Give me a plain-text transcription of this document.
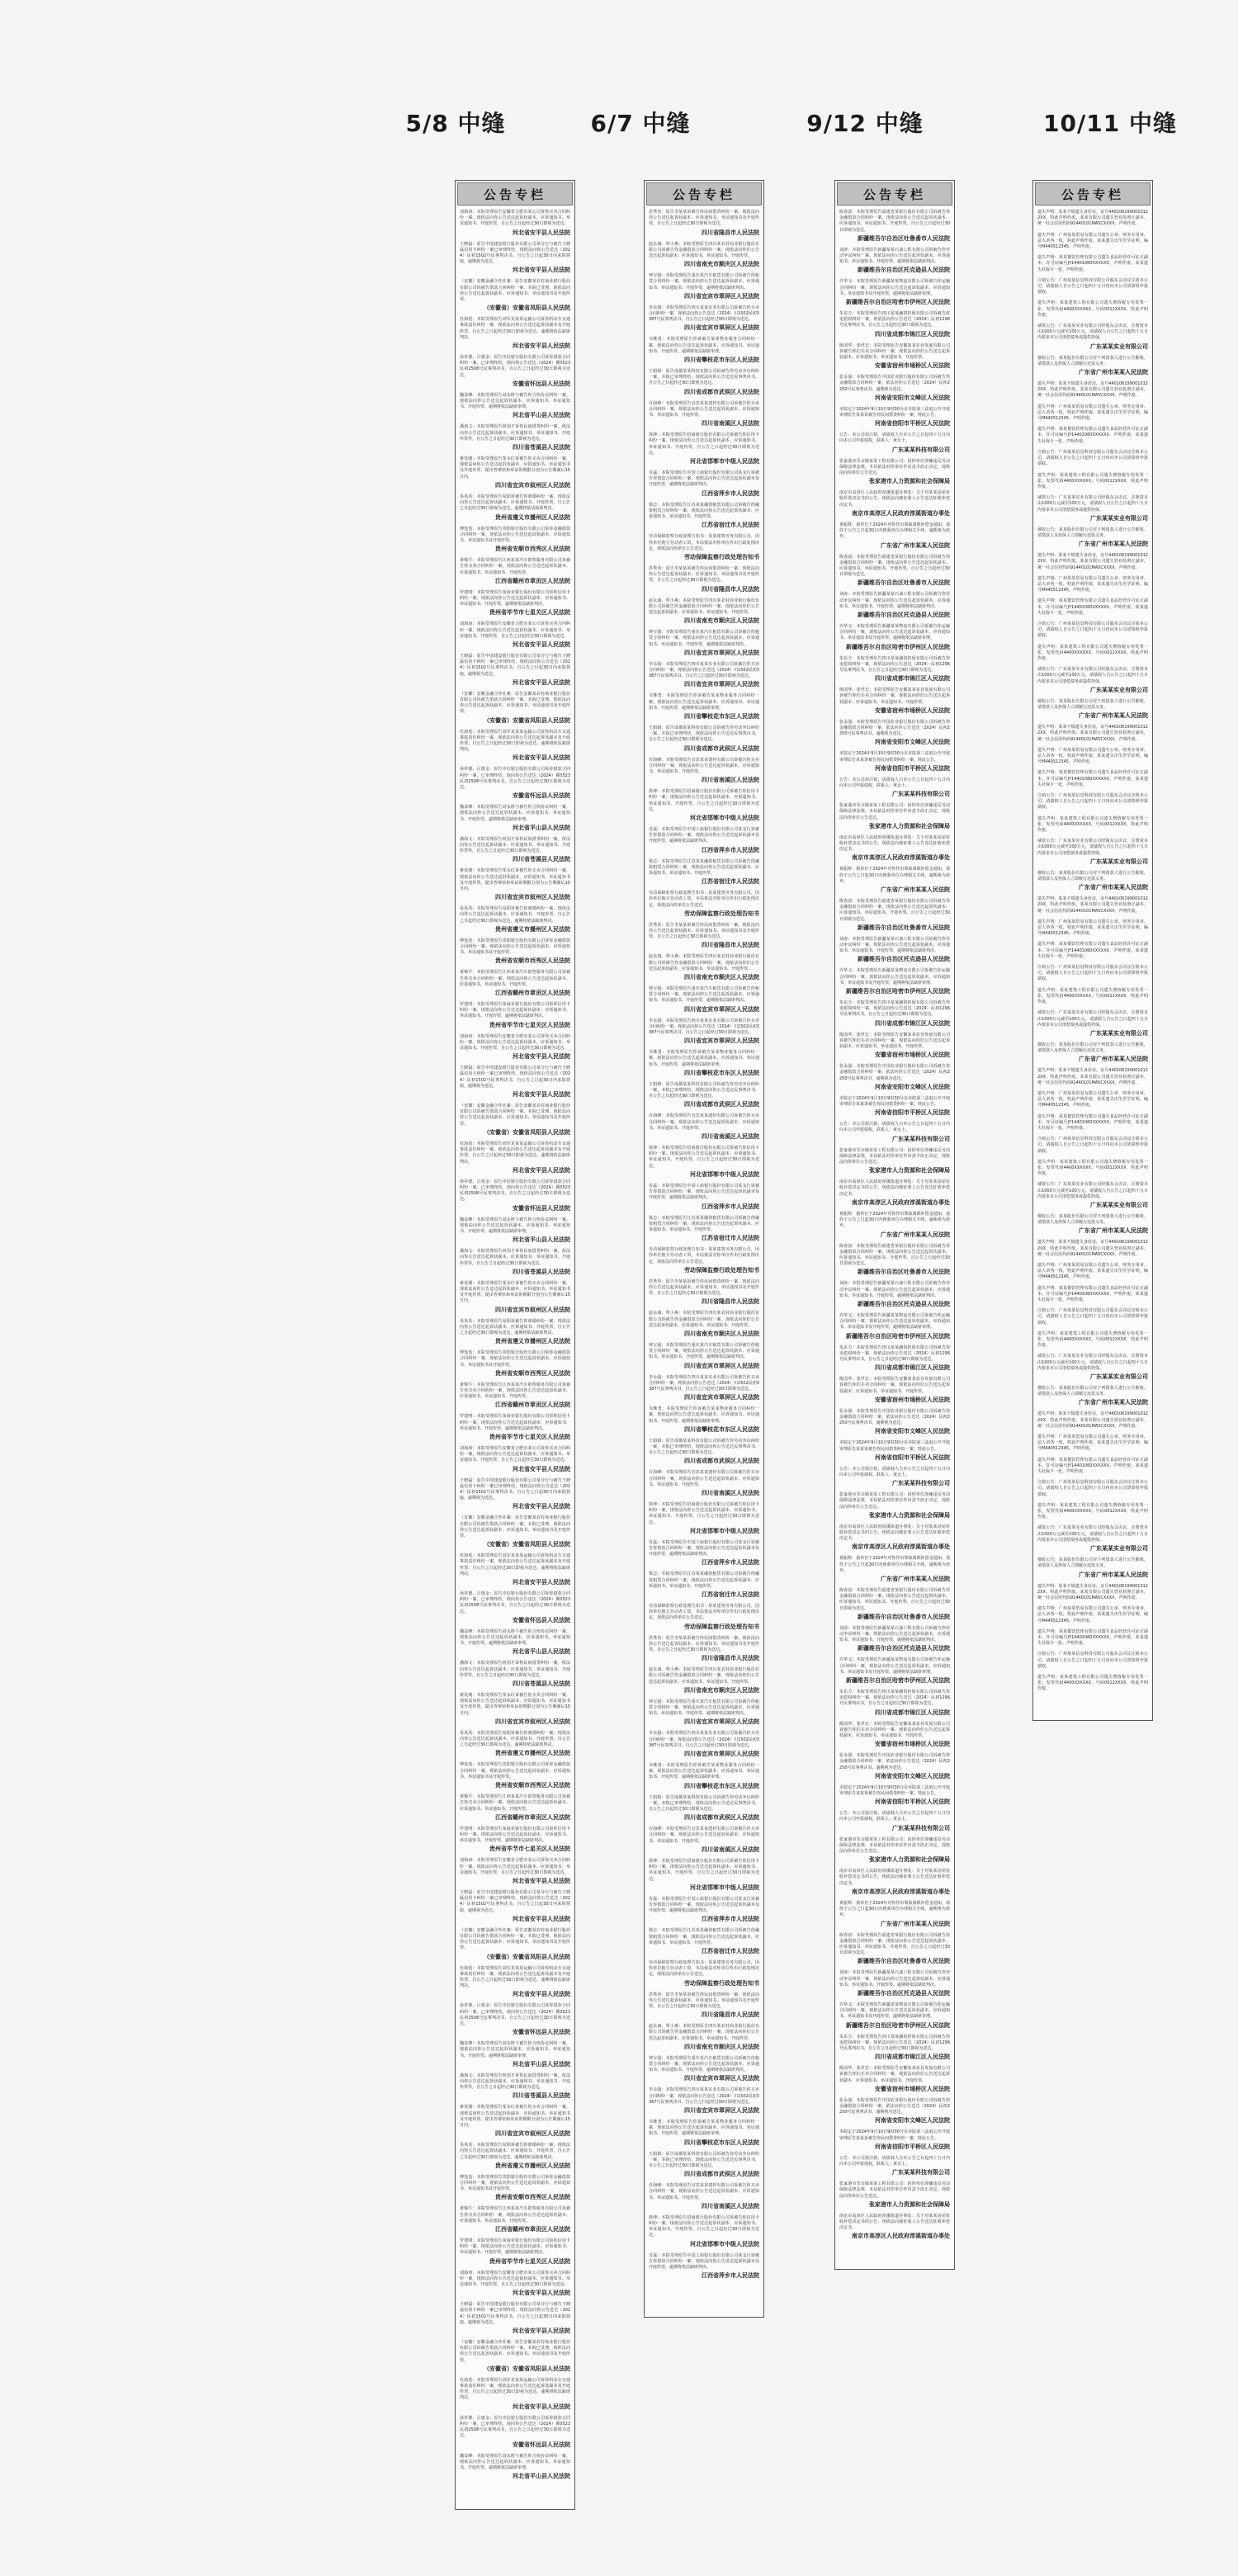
5/8 中缝	6/7 中缝	9/12 中缝	10/11 中缝
公告专栏
刘海涛：本院受理原告安徽省合肥市某公司诉你买卖合同纠纷一案，现依法向你公告送达起诉状副本、应诉通知书、举证通知书、开庭传票。自公告之日起经过30日即视为送达。
河北省安平县人民法院
王晓磊：原告中国建设银行股份有限公司某分行与被告王晓磊信用卡纠纷一案已审理终结，现依法向你公告送达（2024）民初1502号民事判决书。自公告之日起30日内来院领取，逾期视为送达。
河北省安平县人民法院
（安徽）安徽金融合作社案：原告安徽某农村商业银行股份有限公司诉被告借款合同纠纷一案，本院已受理。现依法向你公告送达起诉状副本、应诉通知书、举证通知书及开庭传票。
（安徽省）安徽省凤阳县人民法院
杜海莲：本院受理原告刘军龙某某运输公司诉你机动车交通事故责任纠纷一案，现依法向你公告送达起诉状副本及开庭传票，自公告之日起经过30日即视为送达，逾期将依法缺席判决。
河北省安平县人民法院
孙祥德、吕惠金：原告中信银行股份有限公司诉你借款合同纠纷一案，已审理终结，现向你公告送达（2024）冀0523民初2508号民事判决书，自公告之日起经过30日即视为送达。
安徽省怀远县人民法院
魏益峰：本院受理原告刘永胜与被告你合伙协议纠纷一案，现依法向你公告送达起诉状副本、应诉通知书、举证通知书、开庭传票。逾期将依法缺席审理。
河北省平山县人民法院
潘海文：本院受理原告何国才诉你民间借贷纠纷一案，依法向你公告送达起诉状副本、应诉通知书、举证通知书、开庭传票等，自公告之日起经过30日即视为送达。
四川省苍溪县人民法院
蒋发刚：本院受理原告邹永红诉被告你买卖合同纠纷一案，现依法向你公告送达起诉状副本、应诉通知书、举证通知书及开庭传票。提出答辩状和举证的期限分别为公告期满后15日内。
四川省宜宾市叙州区人民法院
易凤英：本院受理原告易阳诉被告你离婚纠纷一案，现依法向你公告送达起诉状副本、应诉通知书、开庭传票，自公告之日起经过30日即视为送达，逾期将依法缺席判决。
贵州省遵义市播州区人民法院
傅莲莲：本院受理原告贵阳银行股份有限公司诉你金融借款合同纠纷一案，现依法向你公告送达起诉状副本、应诉通知书、举证通知书及开庭传票。
贵州省安顺市西秀区人民法院
黄锦平：本院受理原告江西某某汽车销售服务有限公司诉被告你买卖合同纠纷一案，现依法向你公告送达起诉状副本、应诉通知书、举证通知书、开庭传票。
江西省赣州市章贡区人民法院
罗建明：本院受理原告某商业银行股份有限公司诉你信用卡纠纷一案，现依法向你公告送达起诉状副本、应诉通知书、举证通知书、开庭传票，逾期将依法缺席判决。
贵州省毕节市七星关区人民法院
刘海涛：本院受理原告安徽省合肥市某公司诉你买卖合同纠纷一案，现依法向你公告送达起诉状副本、应诉通知书、举证通知书、开庭传票。自公告之日起经过30日即视为送达。
河北省安平县人民法院
王晓磊：原告中国建设银行股份有限公司某分行与被告王晓磊信用卡纠纷一案已审理终结，现依法向你公告送达（2024）民初1502号民事判决书。自公告之日起30日内来院领取，逾期视为送达。
河北省安平县人民法院
（安徽）安徽金融合作社案：原告安徽某农村商业银行股份有限公司诉被告借款合同纠纷一案，本院已受理。现依法向你公告送达起诉状副本、应诉通知书、举证通知书及开庭传票。
（安徽省）安徽省凤阳县人民法院
杜海莲：本院受理原告刘军龙某某运输公司诉你机动车交通事故责任纠纷一案，现依法向你公告送达起诉状副本及开庭传票，自公告之日起经过30日即视为送达，逾期将依法缺席判决。
河北省安平县人民法院
孙祥德、吕惠金：原告中信银行股份有限公司诉你借款合同纠纷一案，已审理终结，现向你公告送达（2024）冀0523民初2508号民事判决书，自公告之日起经过30日即视为送达。
安徽省怀远县人民法院
魏益峰：本院受理原告刘永胜与被告你合伙协议纠纷一案，现依法向你公告送达起诉状副本、应诉通知书、举证通知书、开庭传票。逾期将依法缺席审理。
河北省平山县人民法院
潘海文：本院受理原告何国才诉你民间借贷纠纷一案，依法向你公告送达起诉状副本、应诉通知书、举证通知书、开庭传票等，自公告之日起经过30日即视为送达。
四川省苍溪县人民法院
蒋发刚：本院受理原告邹永红诉被告你买卖合同纠纷一案，现依法向你公告送达起诉状副本、应诉通知书、举证通知书及开庭传票。提出答辩状和举证的期限分别为公告期满后15日内。
四川省宜宾市叙州区人民法院
易凤英：本院受理原告易阳诉被告你离婚纠纷一案，现依法向你公告送达起诉状副本、应诉通知书、开庭传票，自公告之日起经过30日即视为送达，逾期将依法缺席判决。
贵州省遵义市播州区人民法院
傅莲莲：本院受理原告贵阳银行股份有限公司诉你金融借款合同纠纷一案，现依法向你公告送达起诉状副本、应诉通知书、举证通知书及开庭传票。
贵州省安顺市西秀区人民法院
黄锦平：本院受理原告江西某某汽车销售服务有限公司诉被告你买卖合同纠纷一案，现依法向你公告送达起诉状副本、应诉通知书、举证通知书、开庭传票。
江西省赣州市章贡区人民法院
罗建明：本院受理原告某商业银行股份有限公司诉你信用卡纠纷一案，现依法向你公告送达起诉状副本、应诉通知书、举证通知书、开庭传票，逾期将依法缺席判决。
贵州省毕节市七星关区人民法院
刘海涛：本院受理原告安徽省合肥市某公司诉你买卖合同纠纷一案，现依法向你公告送达起诉状副本、应诉通知书、举证通知书、开庭传票。自公告之日起经过30日即视为送达。
河北省安平县人民法院
王晓磊：原告中国建设银行股份有限公司某分行与被告王晓磊信用卡纠纷一案已审理终结，现依法向你公告送达（2024）民初1502号民事判决书。自公告之日起30日内来院领取，逾期视为送达。
河北省安平县人民法院
（安徽）安徽金融合作社案：原告安徽某农村商业银行股份有限公司诉被告借款合同纠纷一案，本院已受理。现依法向你公告送达起诉状副本、应诉通知书、举证通知书及开庭传票。
（安徽省）安徽省凤阳县人民法院
杜海莲：本院受理原告刘军龙某某运输公司诉你机动车交通事故责任纠纷一案，现依法向你公告送达起诉状副本及开庭传票，自公告之日起经过30日即视为送达，逾期将依法缺席判决。
河北省安平县人民法院
孙祥德、吕惠金：原告中信银行股份有限公司诉你借款合同纠纷一案，已审理终结，现向你公告送达（2024）冀0523民初2508号民事判决书，自公告之日起经过30日即视为送达。
安徽省怀远县人民法院
魏益峰：本院受理原告刘永胜与被告你合伙协议纠纷一案，现依法向你公告送达起诉状副本、应诉通知书、举证通知书、开庭传票。逾期将依法缺席审理。
河北省平山县人民法院
潘海文：本院受理原告何国才诉你民间借贷纠纷一案，依法向你公告送达起诉状副本、应诉通知书、举证通知书、开庭传票等，自公告之日起经过30日即视为送达。
四川省苍溪县人民法院
蒋发刚：本院受理原告邹永红诉被告你买卖合同纠纷一案，现依法向你公告送达起诉状副本、应诉通知书、举证通知书及开庭传票。提出答辩状和举证的期限分别为公告期满后15日内。
四川省宜宾市叙州区人民法院
易凤英：本院受理原告易阳诉被告你离婚纠纷一案，现依法向你公告送达起诉状副本、应诉通知书、开庭传票，自公告之日起经过30日即视为送达，逾期将依法缺席判决。
贵州省遵义市播州区人民法院
傅莲莲：本院受理原告贵阳银行股份有限公司诉你金融借款合同纠纷一案，现依法向你公告送达起诉状副本、应诉通知书、举证通知书及开庭传票。
贵州省安顺市西秀区人民法院
黄锦平：本院受理原告江西某某汽车销售服务有限公司诉被告你买卖合同纠纷一案，现依法向你公告送达起诉状副本、应诉通知书、举证通知书、开庭传票。
江西省赣州市章贡区人民法院
罗建明：本院受理原告某商业银行股份有限公司诉你信用卡纠纷一案，现依法向你公告送达起诉状副本、应诉通知书、举证通知书、开庭传票，逾期将依法缺席判决。
贵州省毕节市七星关区人民法院
刘海涛：本院受理原告安徽省合肥市某公司诉你买卖合同纠纷一案，现依法向你公告送达起诉状副本、应诉通知书、举证通知书、开庭传票。自公告之日起经过30日即视为送达。
河北省安平县人民法院
王晓磊：原告中国建设银行股份有限公司某分行与被告王晓磊信用卡纠纷一案已审理终结，现依法向你公告送达（2024）民初1502号民事判决书。自公告之日起30日内来院领取，逾期视为送达。
河北省安平县人民法院
（安徽）安徽金融合作社案：原告安徽某农村商业银行股份有限公司诉被告借款合同纠纷一案，本院已受理。现依法向你公告送达起诉状副本、应诉通知书、举证通知书及开庭传票。
（安徽省）安徽省凤阳县人民法院
杜海莲：本院受理原告刘军龙某某运输公司诉你机动车交通事故责任纠纷一案，现依法向你公告送达起诉状副本及开庭传票，自公告之日起经过30日即视为送达，逾期将依法缺席判决。
河北省安平县人民法院
孙祥德、吕惠金：原告中信银行股份有限公司诉你借款合同纠纷一案，已审理终结，现向你公告送达（2024）冀0523民初2508号民事判决书，自公告之日起经过30日即视为送达。
安徽省怀远县人民法院
魏益峰：本院受理原告刘永胜与被告你合伙协议纠纷一案，现依法向你公告送达起诉状副本、应诉通知书、举证通知书、开庭传票。逾期将依法缺席审理。
河北省平山县人民法院
潘海文：本院受理原告何国才诉你民间借贷纠纷一案，依法向你公告送达起诉状副本、应诉通知书、举证通知书、开庭传票等，自公告之日起经过30日即视为送达。
四川省苍溪县人民法院
蒋发刚：本院受理原告邹永红诉被告你买卖合同纠纷一案，现依法向你公告送达起诉状副本、应诉通知书、举证通知书及开庭传票。提出答辩状和举证的期限分别为公告期满后15日内。
四川省宜宾市叙州区人民法院
易凤英：本院受理原告易阳诉被告你离婚纠纷一案，现依法向你公告送达起诉状副本、应诉通知书、开庭传票，自公告之日起经过30日即视为送达，逾期将依法缺席判决。
贵州省遵义市播州区人民法院
傅莲莲：本院受理原告贵阳银行股份有限公司诉你金融借款合同纠纷一案，现依法向你公告送达起诉状副本、应诉通知书、举证通知书及开庭传票。
贵州省安顺市西秀区人民法院
黄锦平：本院受理原告江西某某汽车销售服务有限公司诉被告你买卖合同纠纷一案，现依法向你公告送达起诉状副本、应诉通知书、举证通知书、开庭传票。
江西省赣州市章贡区人民法院
罗建明：本院受理原告某商业银行股份有限公司诉你信用卡纠纷一案，现依法向你公告送达起诉状副本、应诉通知书、举证通知书、开庭传票，逾期将依法缺席判决。
贵州省毕节市七星关区人民法院
刘海涛：本院受理原告安徽省合肥市某公司诉你买卖合同纠纷一案，现依法向你公告送达起诉状副本、应诉通知书、举证通知书、开庭传票。自公告之日起经过30日即视为送达。
河北省安平县人民法院
王晓磊：原告中国建设银行股份有限公司某分行与被告王晓磊信用卡纠纷一案已审理终结，现依法向你公告送达（2024）民初1502号民事判决书。自公告之日起30日内来院领取，逾期视为送达。
河北省安平县人民法院
（安徽）安徽金融合作社案：原告安徽某农村商业银行股份有限公司诉被告借款合同纠纷一案，本院已受理。现依法向你公告送达起诉状副本、应诉通知书、举证通知书及开庭传票。
（安徽省）安徽省凤阳县人民法院
杜海莲：本院受理原告刘军龙某某运输公司诉你机动车交通事故责任纠纷一案，现依法向你公告送达起诉状副本及开庭传票，自公告之日起经过30日即视为送达，逾期将依法缺席判决。
河北省安平县人民法院
孙祥德、吕惠金：原告中信银行股份有限公司诉你借款合同纠纷一案，已审理终结，现向你公告送达（2024）冀0523民初2508号民事判决书，自公告之日起经过30日即视为送达。
安徽省怀远县人民法院
魏益峰：本院受理原告刘永胜与被告你合伙协议纠纷一案，现依法向你公告送达起诉状副本、应诉通知书、举证通知书、开庭传票。逾期将依法缺席审理。
河北省平山县人民法院
潘海文：本院受理原告何国才诉你民间借贷纠纷一案，依法向你公告送达起诉状副本、应诉通知书、举证通知书、开庭传票等，自公告之日起经过30日即视为送达。
四川省苍溪县人民法院
蒋发刚：本院受理原告邹永红诉被告你买卖合同纠纷一案，现依法向你公告送达起诉状副本、应诉通知书、举证通知书及开庭传票。提出答辩状和举证的期限分别为公告期满后15日内。
四川省宜宾市叙州区人民法院
易凤英：本院受理原告易阳诉被告你离婚纠纷一案，现依法向你公告送达起诉状副本、应诉通知书、开庭传票，自公告之日起经过30日即视为送达，逾期将依法缺席判决。
贵州省遵义市播州区人民法院
傅莲莲：本院受理原告贵阳银行股份有限公司诉你金融借款合同纠纷一案，现依法向你公告送达起诉状副本、应诉通知书、举证通知书及开庭传票。
贵州省安顺市西秀区人民法院
黄锦平：本院受理原告江西某某汽车销售服务有限公司诉被告你买卖合同纠纷一案，现依法向你公告送达起诉状副本、应诉通知书、举证通知书、开庭传票。
江西省赣州市章贡区人民法院
罗建明：本院受理原告某商业银行股份有限公司诉你信用卡纠纷一案，现依法向你公告送达起诉状副本、应诉通知书、举证通知书、开庭传票，逾期将依法缺席判决。
贵州省毕节市七星关区人民法院
刘海涛：本院受理原告安徽省合肥市某公司诉你买卖合同纠纷一案，现依法向你公告送达起诉状副本、应诉通知书、举证通知书、开庭传票。自公告之日起经过30日即视为送达。
河北省安平县人民法院
王晓磊：原告中国建设银行股份有限公司某分行与被告王晓磊信用卡纠纷一案已审理终结，现依法向你公告送达（2024）民初1502号民事判决书。自公告之日起30日内来院领取，逾期视为送达。
河北省安平县人民法院
（安徽）安徽金融合作社案：原告安徽某农村商业银行股份有限公司诉被告借款合同纠纷一案，本院已受理。现依法向你公告送达起诉状副本、应诉通知书、举证通知书及开庭传票。
（安徽省）安徽省凤阳县人民法院
杜海莲：本院受理原告刘军龙某某运输公司诉你机动车交通事故责任纠纷一案，现依法向你公告送达起诉状副本及开庭传票，自公告之日起经过30日即视为送达，逾期将依法缺席判决。
河北省安平县人民法院
孙祥德、吕惠金：原告中信银行股份有限公司诉你借款合同纠纷一案，已审理终结，现向你公告送达（2024）冀0523民初2508号民事判决书，自公告之日起经过30日即视为送达。
安徽省怀远县人民法院
魏益峰：本院受理原告刘永胜与被告你合伙协议纠纷一案，现依法向你公告送达起诉状副本、应诉通知书、举证通知书、开庭传票。逾期将依法缺席审理。
河北省平山县人民法院
公告专栏
洪秀英：原告李某某诉被告你民间借贷纠纷一案，现依法向你公告送达起诉状副本、应诉通知书、举证通知书及开庭传票。自公告之日起经过30日即视为送达。
四川省隆昌市人民法院
赵永康、覃小燕：本院受理原告四川某农村商业银行股份有限公司诉被告你金融借款合同纠纷一案，现依法向你们公告送达起诉状副本、应诉通知书、举证通知书、开庭传票。
四川省南充市顺庆区人民法院
钟宝强：本院受理原告重庆某汽车租赁有限公司诉被告你租赁合同纠纷一案，现依法向你公告送达起诉状副本、应诉通知书、举证通知书、开庭传票，逾期将依法缺席判决。
四川省宜宾市翠屏区人民法院
李永强：本院受理原告四川某某实业有限公司诉被告你买卖合同纠纷一案，现依法向你公告送达（2024）川1502民初3387号民事判决书，自公告之日起经过30日即视为送达。
四川省宜宾市翠屏区人民法院
韦继勇：本院受理原告你诉被告某某物业服务合同纠纷一案，现依法向你公告送达起诉状副本、应诉通知书、举证通知书、开庭传票，逾期将依法缺席审理。
四川省攀枝花市东区人民法院
王娟娟：原告成都某某科技有限公司诉被告你劳动争议纠纷一案，本院已审理终结，现依法向你公告送达民事判决书，自公告之日起经过30日即视为送达。
四川省成都市武侯区人民法院
许海峰：本院受理原告宜宾某某建材有限公司诉被告你买卖合同纠纷一案，现依法向你公告送达起诉状副本、应诉通知书、举证通知书、开庭传票。
四川省南溪区人民法院
徐坤：本院受理原告招商银行股份有限公司诉被告你信用卡纠纷一案，现依法向你公告送达起诉状副本、应诉通知书、举证通知书、开庭传票，自公告之日起经过30日即视为送达。
河北省邯郸市中级人民法院
肖磊：本院受理原告中国工商银行股份有限公司某支行诉被告你借款合同纠纷一案，现依法向你公告送达起诉状副本及开庭传票，逾期将依法缺席判决。
江西省萍乡市人民法院
梁志：本院受理原告江苏某某融资租赁有限公司诉被告你融资租赁合同纠纷一案，现依法向你公告送达起诉状副本、应诉通知书、举证通知书、开庭传票。
江苏省宿迁市人民法院
劳动保障监察行政处理告知书：某某建筑劳务有限公司，因你单位拖欠劳动者工资，本局依法对你单位作出行政处理决定，现依法向你单位公告送达。
劳动保障监察行政处理告知书
洪秀英：原告李某某诉被告你民间借贷纠纷一案，现依法向你公告送达起诉状副本、应诉通知书、举证通知书及开庭传票。自公告之日起经过30日即视为送达。
四川省隆昌市人民法院
赵永康、覃小燕：本院受理原告四川某农村商业银行股份有限公司诉被告你金融借款合同纠纷一案，现依法向你们公告送达起诉状副本、应诉通知书、举证通知书、开庭传票。
四川省南充市顺庆区人民法院
钟宝强：本院受理原告重庆某汽车租赁有限公司诉被告你租赁合同纠纷一案，现依法向你公告送达起诉状副本、应诉通知书、举证通知书、开庭传票，逾期将依法缺席判决。
四川省宜宾市翠屏区人民法院
李永强：本院受理原告四川某某实业有限公司诉被告你买卖合同纠纷一案，现依法向你公告送达（2024）川1502民初3387号民事判决书，自公告之日起经过30日即视为送达。
四川省宜宾市翠屏区人民法院
韦继勇：本院受理原告你诉被告某某物业服务合同纠纷一案，现依法向你公告送达起诉状副本、应诉通知书、举证通知书、开庭传票，逾期将依法缺席审理。
四川省攀枝花市东区人民法院
王娟娟：原告成都某某科技有限公司诉被告你劳动争议纠纷一案，本院已审理终结，现依法向你公告送达民事判决书，自公告之日起经过30日即视为送达。
四川省成都市武侯区人民法院
许海峰：本院受理原告宜宾某某建材有限公司诉被告你买卖合同纠纷一案，现依法向你公告送达起诉状副本、应诉通知书、举证通知书、开庭传票。
四川省南溪区人民法院
徐坤：本院受理原告招商银行股份有限公司诉被告你信用卡纠纷一案，现依法向你公告送达起诉状副本、应诉通知书、举证通知书、开庭传票，自公告之日起经过30日即视为送达。
河北省邯郸市中级人民法院
肖磊：本院受理原告中国工商银行股份有限公司某支行诉被告你借款合同纠纷一案，现依法向你公告送达起诉状副本及开庭传票，逾期将依法缺席判决。
江西省萍乡市人民法院
梁志：本院受理原告江苏某某融资租赁有限公司诉被告你融资租赁合同纠纷一案，现依法向你公告送达起诉状副本、应诉通知书、举证通知书、开庭传票。
江苏省宿迁市人民法院
劳动保障监察行政处理告知书：某某建筑劳务有限公司，因你单位拖欠劳动者工资，本局依法对你单位作出行政处理决定，现依法向你单位公告送达。
劳动保障监察行政处理告知书
洪秀英：原告李某某诉被告你民间借贷纠纷一案，现依法向你公告送达起诉状副本、应诉通知书、举证通知书及开庭传票。自公告之日起经过30日即视为送达。
四川省隆昌市人民法院
赵永康、覃小燕：本院受理原告四川某农村商业银行股份有限公司诉被告你金融借款合同纠纷一案，现依法向你们公告送达起诉状副本、应诉通知书、举证通知书、开庭传票。
四川省南充市顺庆区人民法院
钟宝强：本院受理原告重庆某汽车租赁有限公司诉被告你租赁合同纠纷一案，现依法向你公告送达起诉状副本、应诉通知书、举证通知书、开庭传票，逾期将依法缺席判决。
四川省宜宾市翠屏区人民法院
李永强：本院受理原告四川某某实业有限公司诉被告你买卖合同纠纷一案，现依法向你公告送达（2024）川1502民初3387号民事判决书，自公告之日起经过30日即视为送达。
四川省宜宾市翠屏区人民法院
韦继勇：本院受理原告你诉被告某某物业服务合同纠纷一案，现依法向你公告送达起诉状副本、应诉通知书、举证通知书、开庭传票，逾期将依法缺席审理。
四川省攀枝花市东区人民法院
王娟娟：原告成都某某科技有限公司诉被告你劳动争议纠纷一案，本院已审理终结，现依法向你公告送达民事判决书，自公告之日起经过30日即视为送达。
四川省成都市武侯区人民法院
许海峰：本院受理原告宜宾某某建材有限公司诉被告你买卖合同纠纷一案，现依法向你公告送达起诉状副本、应诉通知书、举证通知书、开庭传票。
四川省南溪区人民法院
徐坤：本院受理原告招商银行股份有限公司诉被告你信用卡纠纷一案，现依法向你公告送达起诉状副本、应诉通知书、举证通知书、开庭传票，自公告之日起经过30日即视为送达。
河北省邯郸市中级人民法院
肖磊：本院受理原告中国工商银行股份有限公司某支行诉被告你借款合同纠纷一案，现依法向你公告送达起诉状副本及开庭传票，逾期将依法缺席判决。
江西省萍乡市人民法院
梁志：本院受理原告江苏某某融资租赁有限公司诉被告你融资租赁合同纠纷一案，现依法向你公告送达起诉状副本、应诉通知书、举证通知书、开庭传票。
江苏省宿迁市人民法院
劳动保障监察行政处理告知书：某某建筑劳务有限公司，因你单位拖欠劳动者工资，本局依法对你单位作出行政处理决定，现依法向你单位公告送达。
劳动保障监察行政处理告知书
洪秀英：原告李某某诉被告你民间借贷纠纷一案，现依法向你公告送达起诉状副本、应诉通知书、举证通知书及开庭传票。自公告之日起经过30日即视为送达。
四川省隆昌市人民法院
赵永康、覃小燕：本院受理原告四川某农村商业银行股份有限公司诉被告你金融借款合同纠纷一案，现依法向你们公告送达起诉状副本、应诉通知书、举证通知书、开庭传票。
四川省南充市顺庆区人民法院
钟宝强：本院受理原告重庆某汽车租赁有限公司诉被告你租赁合同纠纷一案，现依法向你公告送达起诉状副本、应诉通知书、举证通知书、开庭传票，逾期将依法缺席判决。
四川省宜宾市翠屏区人民法院
李永强：本院受理原告四川某某实业有限公司诉被告你买卖合同纠纷一案，现依法向你公告送达（2024）川1502民初3387号民事判决书，自公告之日起经过30日即视为送达。
四川省宜宾市翠屏区人民法院
韦继勇：本院受理原告你诉被告某某物业服务合同纠纷一案，现依法向你公告送达起诉状副本、应诉通知书、举证通知书、开庭传票，逾期将依法缺席审理。
四川省攀枝花市东区人民法院
王娟娟：原告成都某某科技有限公司诉被告你劳动争议纠纷一案，本院已审理终结，现依法向你公告送达民事判决书，自公告之日起经过30日即视为送达。
四川省成都市武侯区人民法院
许海峰：本院受理原告宜宾某某建材有限公司诉被告你买卖合同纠纷一案，现依法向你公告送达起诉状副本、应诉通知书、举证通知书、开庭传票。
四川省南溪区人民法院
徐坤：本院受理原告招商银行股份有限公司诉被告你信用卡纠纷一案，现依法向你公告送达起诉状副本、应诉通知书、举证通知书、开庭传票，自公告之日起经过30日即视为送达。
河北省邯郸市中级人民法院
肖磊：本院受理原告中国工商银行股份有限公司某支行诉被告你借款合同纠纷一案，现依法向你公告送达起诉状副本及开庭传票，逾期将依法缺席判决。
江西省萍乡市人民法院
梁志：本院受理原告江苏某某融资租赁有限公司诉被告你融资租赁合同纠纷一案，现依法向你公告送达起诉状副本、应诉通知书、举证通知书、开庭传票。
江苏省宿迁市人民法院
劳动保障监察行政处理告知书：某某建筑劳务有限公司，因你单位拖欠劳动者工资，本局依法对你单位作出行政处理决定，现依法向你单位公告送达。
劳动保障监察行政处理告知书
洪秀英：原告李某某诉被告你民间借贷纠纷一案，现依法向你公告送达起诉状副本、应诉通知书、举证通知书及开庭传票。自公告之日起经过30日即视为送达。
四川省隆昌市人民法院
赵永康、覃小燕：本院受理原告四川某农村商业银行股份有限公司诉被告你金融借款合同纠纷一案，现依法向你们公告送达起诉状副本、应诉通知书、举证通知书、开庭传票。
四川省南充市顺庆区人民法院
钟宝强：本院受理原告重庆某汽车租赁有限公司诉被告你租赁合同纠纷一案，现依法向你公告送达起诉状副本、应诉通知书、举证通知书、开庭传票，逾期将依法缺席判决。
四川省宜宾市翠屏区人民法院
李永强：本院受理原告四川某某实业有限公司诉被告你买卖合同纠纷一案，现依法向你公告送达（2024）川1502民初3387号民事判决书，自公告之日起经过30日即视为送达。
四川省宜宾市翠屏区人民法院
韦继勇：本院受理原告你诉被告某某物业服务合同纠纷一案，现依法向你公告送达起诉状副本、应诉通知书、举证通知书、开庭传票，逾期将依法缺席审理。
四川省攀枝花市东区人民法院
王娟娟：原告成都某某科技有限公司诉被告你劳动争议纠纷一案，本院已审理终结，现依法向你公告送达民事判决书，自公告之日起经过30日即视为送达。
四川省成都市武侯区人民法院
许海峰：本院受理原告宜宾某某建材有限公司诉被告你买卖合同纠纷一案，现依法向你公告送达起诉状副本、应诉通知书、举证通知书、开庭传票。
四川省南溪区人民法院
徐坤：本院受理原告招商银行股份有限公司诉被告你信用卡纠纷一案，现依法向你公告送达起诉状副本、应诉通知书、举证通知书、开庭传票，自公告之日起经过30日即视为送达。
河北省邯郸市中级人民法院
肖磊：本院受理原告中国工商银行股份有限公司某支行诉被告你借款合同纠纷一案，现依法向你公告送达起诉状副本及开庭传票，逾期将依法缺席判决。
江西省萍乡市人民法院
梁志：本院受理原告江苏某某融资租赁有限公司诉被告你融资租赁合同纠纷一案，现依法向你公告送达起诉状副本、应诉通知书、举证通知书、开庭传票。
江苏省宿迁市人民法院
劳动保障监察行政处理告知书：某某建筑劳务有限公司，因你单位拖欠劳动者工资，本局依法对你单位作出行政处理决定，现依法向你单位公告送达。
劳动保障监察行政处理告知书
洪秀英：原告李某某诉被告你民间借贷纠纷一案，现依法向你公告送达起诉状副本、应诉通知书、举证通知书及开庭传票。自公告之日起经过30日即视为送达。
四川省隆昌市人民法院
赵永康、覃小燕：本院受理原告四川某农村商业银行股份有限公司诉被告你金融借款合同纠纷一案，现依法向你们公告送达起诉状副本、应诉通知书、举证通知书、开庭传票。
四川省南充市顺庆区人民法院
钟宝强：本院受理原告重庆某汽车租赁有限公司诉被告你租赁合同纠纷一案，现依法向你公告送达起诉状副本、应诉通知书、举证通知书、开庭传票，逾期将依法缺席判决。
四川省宜宾市翠屏区人民法院
李永强：本院受理原告四川某某实业有限公司诉被告你买卖合同纠纷一案，现依法向你公告送达（2024）川1502民初3387号民事判决书，自公告之日起经过30日即视为送达。
四川省宜宾市翠屏区人民法院
韦继勇：本院受理原告你诉被告某某物业服务合同纠纷一案，现依法向你公告送达起诉状副本、应诉通知书、举证通知书、开庭传票，逾期将依法缺席审理。
四川省攀枝花市东区人民法院
王娟娟：原告成都某某科技有限公司诉被告你劳动争议纠纷一案，本院已审理终结，现依法向你公告送达民事判决书，自公告之日起经过30日即视为送达。
四川省成都市武侯区人民法院
许海峰：本院受理原告宜宾某某建材有限公司诉被告你买卖合同纠纷一案，现依法向你公告送达起诉状副本、应诉通知书、举证通知书、开庭传票。
四川省南溪区人民法院
徐坤：本院受理原告招商银行股份有限公司诉被告你信用卡纠纷一案，现依法向你公告送达起诉状副本、应诉通知书、举证通知书、开庭传票，自公告之日起经过30日即视为送达。
河北省邯郸市中级人民法院
肖磊：本院受理原告中国工商银行股份有限公司某支行诉被告你借款合同纠纷一案，现依法向你公告送达起诉状副本及开庭传票，逾期将依法缺席判决。
江西省萍乡市人民法院
公告专栏
陈春富：本院受理原告福建省某银行股份有限公司诉被告你金融借款合同纠纷一案，现依法向你公告送达起诉状副本、应诉通知书、举证通知书、开庭传票，自公告之日起经过30日即视为送达。
新疆维吾尔自治区吐鲁番市人民法院
刘涛：本院受理原告新疆某某石油工程有限公司诉被告你劳动争议纠纷一案，现依法向你公告送达起诉状副本、应诉通知书、举证通知书、开庭传票，逾期将依法缺席判决。
新疆维吾尔自治区托克逊县人民法院
许华义：本院受理原告新疆某某物流有限公司诉被告你运输合同纠纷一案，现依法向你公告送达起诉状副本、应诉通知书、举证通知书及开庭传票，逾期将依法缺席审理。
新疆维吾尔自治区哈密市伊州区人民法院
朱东方：本院受理原告四川某某融资担保有限公司诉被告你追偿权纠纷一案，现依法向你公告送达（2024）民初1296号民事判决书，自公告之日起经过30日即视为送达。
四川省成都市锦江区人民法院
陈国华、张世宏：本院受理原告安徽某某农业发展有限公司诉被告你们买卖合同纠纷一案，现依法向你们公告送达起诉状副本、应诉通知书、举证通知书、开庭传票。
安徽省宿州市埇桥区人民法院
张永强：本院受理原告中国农业银行股份有限公司诉被告你金融借款合同纠纷一案，依法向你公告送达（2024）民初2250号民事判决书，逾期视为送达。
河南省安阳市文峰区人民法院
本院定于2024年9月10日9时30分在本院第三法庭公开开庭审理原告某某诉被告你民间借贷纠纷一案，特此公告。
河南省信阳市平桥区人民法院
公告：本公司拟注销，请债权人自本公告之日起四十五日内向本公司申报债权。联系人：黄女士。
广东某某科技有限公司
张家港市乐余镇某某工程有限公司：因你单位涉嫌违反劳动保障法律法规，本局依法对你单位作出责令改正决定，现依法向你单位公告送达。
张家港市人力资源和社会保障局
南京市高淳区人民政府淳溪街道办事处：关于对某某房屋征收补偿决定书的公告，现依法向被征收人公告送达征收补偿决定书。
南京市高淳区人民政府淳溪街道办事处
黄振辉：我单位于2024年对你作出领取离职补偿金通知，请你于公告之日起30日内到我单位办理相关手续，逾期视为放弃。
广东省广州市某某人民法院
陈春富：本院受理原告福建省某银行股份有限公司诉被告你金融借款合同纠纷一案，现依法向你公告送达起诉状副本、应诉通知书、举证通知书、开庭传票，自公告之日起经过30日即视为送达。
新疆维吾尔自治区吐鲁番市人民法院
刘涛：本院受理原告新疆某某石油工程有限公司诉被告你劳动争议纠纷一案，现依法向你公告送达起诉状副本、应诉通知书、举证通知书、开庭传票，逾期将依法缺席判决。
新疆维吾尔自治区托克逊县人民法院
许华义：本院受理原告新疆某某物流有限公司诉被告你运输合同纠纷一案，现依法向你公告送达起诉状副本、应诉通知书、举证通知书及开庭传票，逾期将依法缺席审理。
新疆维吾尔自治区哈密市伊州区人民法院
朱东方：本院受理原告四川某某融资担保有限公司诉被告你追偿权纠纷一案，现依法向你公告送达（2024）民初1296号民事判决书，自公告之日起经过30日即视为送达。
四川省成都市锦江区人民法院
陈国华、张世宏：本院受理原告安徽某某农业发展有限公司诉被告你们买卖合同纠纷一案，现依法向你们公告送达起诉状副本、应诉通知书、举证通知书、开庭传票。
安徽省宿州市埇桥区人民法院
张永强：本院受理原告中国农业银行股份有限公司诉被告你金融借款合同纠纷一案，依法向你公告送达（2024）民初2250号民事判决书，逾期视为送达。
河南省安阳市文峰区人民法院
本院定于2024年9月10日9时30分在本院第三法庭公开开庭审理原告某某诉被告你民间借贷纠纷一案，特此公告。
河南省信阳市平桥区人民法院
公告：本公司拟注销，请债权人自本公告之日起四十五日内向本公司申报债权。联系人：黄女士。
广东某某科技有限公司
张家港市乐余镇某某工程有限公司：因你单位涉嫌违反劳动保障法律法规，本局依法对你单位作出责令改正决定，现依法向你单位公告送达。
张家港市人力资源和社会保障局
南京市高淳区人民政府淳溪街道办事处：关于对某某房屋征收补偿决定书的公告，现依法向被征收人公告送达征收补偿决定书。
南京市高淳区人民政府淳溪街道办事处
黄振辉：我单位于2024年对你作出领取离职补偿金通知，请你于公告之日起30日内到我单位办理相关手续，逾期视为放弃。
广东省广州市某某人民法院
陈春富：本院受理原告福建省某银行股份有限公司诉被告你金融借款合同纠纷一案，现依法向你公告送达起诉状副本、应诉通知书、举证通知书、开庭传票，自公告之日起经过30日即视为送达。
新疆维吾尔自治区吐鲁番市人民法院
刘涛：本院受理原告新疆某某石油工程有限公司诉被告你劳动争议纠纷一案，现依法向你公告送达起诉状副本、应诉通知书、举证通知书、开庭传票，逾期将依法缺席判决。
新疆维吾尔自治区托克逊县人民法院
许华义：本院受理原告新疆某某物流有限公司诉被告你运输合同纠纷一案，现依法向你公告送达起诉状副本、应诉通知书、举证通知书及开庭传票，逾期将依法缺席审理。
新疆维吾尔自治区哈密市伊州区人民法院
朱东方：本院受理原告四川某某融资担保有限公司诉被告你追偿权纠纷一案，现依法向你公告送达（2024）民初1296号民事判决书，自公告之日起经过30日即视为送达。
四川省成都市锦江区人民法院
陈国华、张世宏：本院受理原告安徽某某农业发展有限公司诉被告你们买卖合同纠纷一案，现依法向你们公告送达起诉状副本、应诉通知书、举证通知书、开庭传票。
安徽省宿州市埇桥区人民法院
张永强：本院受理原告中国农业银行股份有限公司诉被告你金融借款合同纠纷一案，依法向你公告送达（2024）民初2250号民事判决书，逾期视为送达。
河南省安阳市文峰区人民法院
本院定于2024年9月10日9时30分在本院第三法庭公开开庭审理原告某某诉被告你民间借贷纠纷一案，特此公告。
河南省信阳市平桥区人民法院
公告：本公司拟注销，请债权人自本公告之日起四十五日内向本公司申报债权。联系人：黄女士。
广东某某科技有限公司
张家港市乐余镇某某工程有限公司：因你单位涉嫌违反劳动保障法律法规，本局依法对你单位作出责令改正决定，现依法向你单位公告送达。
张家港市人力资源和社会保障局
南京市高淳区人民政府淳溪街道办事处：关于对某某房屋征收补偿决定书的公告，现依法向被征收人公告送达征收补偿决定书。
南京市高淳区人民政府淳溪街道办事处
黄振辉：我单位于2024年对你作出领取离职补偿金通知，请你于公告之日起30日内到我单位办理相关手续，逾期视为放弃。
广东省广州市某某人民法院
陈春富：本院受理原告福建省某银行股份有限公司诉被告你金融借款合同纠纷一案，现依法向你公告送达起诉状副本、应诉通知书、举证通知书、开庭传票，自公告之日起经过30日即视为送达。
新疆维吾尔自治区吐鲁番市人民法院
刘涛：本院受理原告新疆某某石油工程有限公司诉被告你劳动争议纠纷一案，现依法向你公告送达起诉状副本、应诉通知书、举证通知书、开庭传票，逾期将依法缺席判决。
新疆维吾尔自治区托克逊县人民法院
许华义：本院受理原告新疆某某物流有限公司诉被告你运输合同纠纷一案，现依法向你公告送达起诉状副本、应诉通知书、举证通知书及开庭传票，逾期将依法缺席审理。
新疆维吾尔自治区哈密市伊州区人民法院
朱东方：本院受理原告四川某某融资担保有限公司诉被告你追偿权纠纷一案，现依法向你公告送达（2024）民初1296号民事判决书，自公告之日起经过30日即视为送达。
四川省成都市锦江区人民法院
陈国华、张世宏：本院受理原告安徽某某农业发展有限公司诉被告你们买卖合同纠纷一案，现依法向你们公告送达起诉状副本、应诉通知书、举证通知书、开庭传票。
安徽省宿州市埇桥区人民法院
张永强：本院受理原告中国农业银行股份有限公司诉被告你金融借款合同纠纷一案，依法向你公告送达（2024）民初2250号民事判决书，逾期视为送达。
河南省安阳市文峰区人民法院
本院定于2024年9月10日9时30分在本院第三法庭公开开庭审理原告某某诉被告你民间借贷纠纷一案，特此公告。
河南省信阳市平桥区人民法院
公告：本公司拟注销，请债权人自本公告之日起四十五日内向本公司申报债权。联系人：黄女士。
广东某某科技有限公司
张家港市乐余镇某某工程有限公司：因你单位涉嫌违反劳动保障法律法规，本局依法对你单位作出责令改正决定，现依法向你单位公告送达。
张家港市人力资源和社会保障局
南京市高淳区人民政府淳溪街道办事处：关于对某某房屋征收补偿决定书的公告，现依法向被征收人公告送达征收补偿决定书。
南京市高淳区人民政府淳溪街道办事处
黄振辉：我单位于2024年对你作出领取离职补偿金通知，请你于公告之日起30日内到我单位办理相关手续，逾期视为放弃。
广东省广州市某某人民法院
陈春富：本院受理原告福建省某银行股份有限公司诉被告你金融借款合同纠纷一案，现依法向你公告送达起诉状副本、应诉通知书、举证通知书、开庭传票，自公告之日起经过30日即视为送达。
新疆维吾尔自治区吐鲁番市人民法院
刘涛：本院受理原告新疆某某石油工程有限公司诉被告你劳动争议纠纷一案，现依法向你公告送达起诉状副本、应诉通知书、举证通知书、开庭传票，逾期将依法缺席判决。
新疆维吾尔自治区托克逊县人民法院
许华义：本院受理原告新疆某某物流有限公司诉被告你运输合同纠纷一案，现依法向你公告送达起诉状副本、应诉通知书、举证通知书及开庭传票，逾期将依法缺席审理。
新疆维吾尔自治区哈密市伊州区人民法院
朱东方：本院受理原告四川某某融资担保有限公司诉被告你追偿权纠纷一案，现依法向你公告送达（2024）民初1296号民事判决书，自公告之日起经过30日即视为送达。
四川省成都市锦江区人民法院
陈国华、张世宏：本院受理原告安徽某某农业发展有限公司诉被告你们买卖合同纠纷一案，现依法向你们公告送达起诉状副本、应诉通知书、举证通知书、开庭传票。
安徽省宿州市埇桥区人民法院
张永强：本院受理原告中国农业银行股份有限公司诉被告你金融借款合同纠纷一案，依法向你公告送达（2024）民初2250号民事判决书，逾期视为送达。
河南省安阳市文峰区人民法院
本院定于2024年9月10日9时30分在本院第三法庭公开开庭审理原告某某诉被告你民间借贷纠纷一案，特此公告。
河南省信阳市平桥区人民法院
公告：本公司拟注销，请债权人自本公告之日起四十五日内向本公司申报债权。联系人：黄女士。
广东某某科技有限公司
张家港市乐余镇某某工程有限公司：因你单位涉嫌违反劳动保障法律法规，本局依法对你单位作出责令改正决定，现依法向你单位公告送达。
张家港市人力资源和社会保障局
南京市高淳区人民政府淳溪街道办事处：关于对某某房屋征收补偿决定书的公告，现依法向被征收人公告送达征收补偿决定书。
南京市高淳区人民政府淳溪街道办事处
黄振辉：我单位于2024年对你作出领取离职补偿金通知，请你于公告之日起30日内到我单位办理相关手续，逾期视为放弃。
广东省广州市某某人民法院
陈春富：本院受理原告福建省某银行股份有限公司诉被告你金融借款合同纠纷一案，现依法向你公告送达起诉状副本、应诉通知书、举证通知书、开庭传票，自公告之日起经过30日即视为送达。
新疆维吾尔自治区吐鲁番市人民法院
刘涛：本院受理原告新疆某某石油工程有限公司诉被告你劳动争议纠纷一案，现依法向你公告送达起诉状副本、应诉通知书、举证通知书、开庭传票，逾期将依法缺席判决。
新疆维吾尔自治区托克逊县人民法院
许华义：本院受理原告新疆某某物流有限公司诉被告你运输合同纠纷一案，现依法向你公告送达起诉状副本、应诉通知书、举证通知书及开庭传票，逾期将依法缺席审理。
新疆维吾尔自治区哈密市伊州区人民法院
朱东方：本院受理原告四川某某融资担保有限公司诉被告你追偿权纠纷一案，现依法向你公告送达（2024）民初1296号民事判决书，自公告之日起经过30日即视为送达。
四川省成都市锦江区人民法院
陈国华、张世宏：本院受理原告安徽某某农业发展有限公司诉被告你们买卖合同纠纷一案，现依法向你们公告送达起诉状副本、应诉通知书、举证通知书、开庭传票。
安徽省宿州市埇桥区人民法院
张永强：本院受理原告中国农业银行股份有限公司诉被告你金融借款合同纠纷一案，依法向你公告送达（2024）民初2250号民事判决书，逾期视为送达。
河南省安阳市文峰区人民法院
本院定于2024年9月10日9时30分在本院第三法庭公开开庭审理原告某某诉被告你民间借贷纠纷一案，特此公告。
河南省信阳市平桥区人民法院
公告：本公司拟注销，请债权人自本公告之日起四十五日内向本公司申报债权。联系人：黄女士。
广东某某科技有限公司
张家港市乐余镇某某工程有限公司：因你单位涉嫌违反劳动保障法律法规，本局依法对你单位作出责令改正决定，现依法向你单位公告送达。
张家港市人力资源和社会保障局
南京市高淳区人民政府淳溪街道办事处：关于对某某房屋征收补偿决定书的公告，现依法向被征收人公告送达征收补偿决定书。
南京市高淳区人民政府淳溪街道办事处
公告专栏
遗失声明：某某不慎遗失身份证，证号4401061990010122XX，特此声明作废。某某有限公司遗失营业执照正副本，统一社会信用代码91440101MA5CXXXX，声明作废。
遗失声明：广州某某贸易有限公司遗失公章、财务专用章、法人章各一枚，特此声明作废。某某遗失出生医学证明，编号M440512345，声明作废。
遗失声明：某某餐饮管理有限公司遗失食品经营许可证正副本，许可证编号JY14401060XXXXXX，声明作废。某某遗失社保卡一张，声明作废。
注销公告：广州某某信息科技有限公司股东会决议注销本公司，请债权人自公告之日起四十五日内向本公司清算组申报债权。
遗失声明：某某建筑工程有限公司遗失增值税专用发票一张，发票代码4400XXXXXX，号码0012XXXX，特此声明作废。
减资公告：广东某某实业有限公司经股东会决议，注册资本由1000万元减至100万元，请债权人自公告之日起四十五日内要求本公司清偿债务或提供担保。
广东某某实业有限公司
催收公告：某某股份有限公司对下列借款人进行公告催收，请借款人及担保人立即履行还款义务。
广东省广州市某某人民法院
遗失声明：某某不慎遗失身份证，证号4401061990010122XX，特此声明作废。某某有限公司遗失营业执照正副本，统一社会信用代码91440101MA5CXXXX，声明作废。
遗失声明：广州某某贸易有限公司遗失公章、财务专用章、法人章各一枚，特此声明作废。某某遗失出生医学证明，编号M440512345，声明作废。
遗失声明：某某餐饮管理有限公司遗失食品经营许可证正副本，许可证编号JY14401060XXXXXX，声明作废。某某遗失社保卡一张，声明作废。
注销公告：广州某某信息科技有限公司股东会决议注销本公司，请债权人自公告之日起四十五日内向本公司清算组申报债权。
遗失声明：某某建筑工程有限公司遗失增值税专用发票一张，发票代码4400XXXXXX，号码0012XXXX，特此声明作废。
减资公告：广东某某实业有限公司经股东会决议，注册资本由1000万元减至100万元，请债权人自公告之日起四十五日内要求本公司清偿债务或提供担保。
广东某某实业有限公司
催收公告：某某股份有限公司对下列借款人进行公告催收，请借款人及担保人立即履行还款义务。
广东省广州市某某人民法院
遗失声明：某某不慎遗失身份证，证号4401061990010122XX，特此声明作废。某某有限公司遗失营业执照正副本，统一社会信用代码91440101MA5CXXXX，声明作废。
遗失声明：广州某某贸易有限公司遗失公章、财务专用章、法人章各一枚，特此声明作废。某某遗失出生医学证明，编号M440512345，声明作废。
遗失声明：某某餐饮管理有限公司遗失食品经营许可证正副本，许可证编号JY14401060XXXXXX，声明作废。某某遗失社保卡一张，声明作废。
注销公告：广州某某信息科技有限公司股东会决议注销本公司，请债权人自公告之日起四十五日内向本公司清算组申报债权。
遗失声明：某某建筑工程有限公司遗失增值税专用发票一张，发票代码4400XXXXXX，号码0012XXXX，特此声明作废。
减资公告：广东某某实业有限公司经股东会决议，注册资本由1000万元减至100万元，请债权人自公告之日起四十五日内要求本公司清偿债务或提供担保。
广东某某实业有限公司
催收公告：某某股份有限公司对下列借款人进行公告催收，请借款人及担保人立即履行还款义务。
广东省广州市某某人民法院
遗失声明：某某不慎遗失身份证，证号4401061990010122XX，特此声明作废。某某有限公司遗失营业执照正副本，统一社会信用代码91440101MA5CXXXX，声明作废。
遗失声明：广州某某贸易有限公司遗失公章、财务专用章、法人章各一枚，特此声明作废。某某遗失出生医学证明，编号M440512345，声明作废。
遗失声明：某某餐饮管理有限公司遗失食品经营许可证正副本，许可证编号JY14401060XXXXXX，声明作废。某某遗失社保卡一张，声明作废。
注销公告：广州某某信息科技有限公司股东会决议注销本公司，请债权人自公告之日起四十五日内向本公司清算组申报债权。
遗失声明：某某建筑工程有限公司遗失增值税专用发票一张，发票代码4400XXXXXX，号码0012XXXX，特此声明作废。
减资公告：广东某某实业有限公司经股东会决议，注册资本由1000万元减至100万元，请债权人自公告之日起四十五日内要求本公司清偿债务或提供担保。
广东某某实业有限公司
催收公告：某某股份有限公司对下列借款人进行公告催收，请借款人及担保人立即履行还款义务。
广东省广州市某某人民法院
遗失声明：某某不慎遗失身份证，证号4401061990010122XX，特此声明作废。某某有限公司遗失营业执照正副本，统一社会信用代码91440101MA5CXXXX，声明作废。
遗失声明：广州某某贸易有限公司遗失公章、财务专用章、法人章各一枚，特此声明作废。某某遗失出生医学证明，编号M440512345，声明作废。
遗失声明：某某餐饮管理有限公司遗失食品经营许可证正副本，许可证编号JY14401060XXXXXX，声明作废。某某遗失社保卡一张，声明作废。
注销公告：广州某某信息科技有限公司股东会决议注销本公司，请债权人自公告之日起四十五日内向本公司清算组申报债权。
遗失声明：某某建筑工程有限公司遗失增值税专用发票一张，发票代码4400XXXXXX，号码0012XXXX，特此声明作废。
减资公告：广东某某实业有限公司经股东会决议，注册资本由1000万元减至100万元，请债权人自公告之日起四十五日内要求本公司清偿债务或提供担保。
广东某某实业有限公司
催收公告：某某股份有限公司对下列借款人进行公告催收，请借款人及担保人立即履行还款义务。
广东省广州市某某人民法院
遗失声明：某某不慎遗失身份证，证号4401061990010122XX，特此声明作废。某某有限公司遗失营业执照正副本，统一社会信用代码91440101MA5CXXXX，声明作废。
遗失声明：广州某某贸易有限公司遗失公章、财务专用章、法人章各一枚，特此声明作废。某某遗失出生医学证明，编号M440512345，声明作废。
遗失声明：某某餐饮管理有限公司遗失食品经营许可证正副本，许可证编号JY14401060XXXXXX，声明作废。某某遗失社保卡一张，声明作废。
注销公告：广州某某信息科技有限公司股东会决议注销本公司，请债权人自公告之日起四十五日内向本公司清算组申报债权。
遗失声明：某某建筑工程有限公司遗失增值税专用发票一张，发票代码4400XXXXXX，号码0012XXXX，特此声明作废。
减资公告：广东某某实业有限公司经股东会决议，注册资本由1000万元减至100万元，请债权人自公告之日起四十五日内要求本公司清偿债务或提供担保。
广东某某实业有限公司
催收公告：某某股份有限公司对下列借款人进行公告催收，请借款人及担保人立即履行还款义务。
广东省广州市某某人民法院
遗失声明：某某不慎遗失身份证，证号4401061990010122XX，特此声明作废。某某有限公司遗失营业执照正副本，统一社会信用代码91440101MA5CXXXX，声明作废。
遗失声明：广州某某贸易有限公司遗失公章、财务专用章、法人章各一枚，特此声明作废。某某遗失出生医学证明，编号M440512345，声明作废。
遗失声明：某某餐饮管理有限公司遗失食品经营许可证正副本，许可证编号JY14401060XXXXXX，声明作废。某某遗失社保卡一张，声明作废。
注销公告：广州某某信息科技有限公司股东会决议注销本公司，请债权人自公告之日起四十五日内向本公司清算组申报债权。
遗失声明：某某建筑工程有限公司遗失增值税专用发票一张，发票代码4400XXXXXX，号码0012XXXX，特此声明作废。
减资公告：广东某某实业有限公司经股东会决议，注册资本由1000万元减至100万元，请债权人自公告之日起四十五日内要求本公司清偿债务或提供担保。
广东某某实业有限公司
催收公告：某某股份有限公司对下列借款人进行公告催收，请借款人及担保人立即履行还款义务。
广东省广州市某某人民法院
遗失声明：某某不慎遗失身份证，证号4401061990010122XX，特此声明作废。某某有限公司遗失营业执照正副本，统一社会信用代码91440101MA5CXXXX，声明作废。
遗失声明：广州某某贸易有限公司遗失公章、财务专用章、法人章各一枚，特此声明作废。某某遗失出生医学证明，编号M440512345，声明作废。
遗失声明：某某餐饮管理有限公司遗失食品经营许可证正副本，许可证编号JY14401060XXXXXX，声明作废。某某遗失社保卡一张，声明作废。
注销公告：广州某某信息科技有限公司股东会决议注销本公司，请债权人自公告之日起四十五日内向本公司清算组申报债权。
遗失声明：某某建筑工程有限公司遗失增值税专用发票一张，发票代码4400XXXXXX，号码0012XXXX，特此声明作废。
减资公告：广东某某实业有限公司经股东会决议，注册资本由1000万元减至100万元，请债权人自公告之日起四十五日内要求本公司清偿债务或提供担保。
广东某某实业有限公司
催收公告：某某股份有限公司对下列借款人进行公告催收，请借款人及担保人立即履行还款义务。
广东省广州市某某人民法院
遗失声明：某某不慎遗失身份证，证号4401061990010122XX，特此声明作废。某某有限公司遗失营业执照正副本，统一社会信用代码91440101MA5CXXXX，声明作废。
遗失声明：广州某某贸易有限公司遗失公章、财务专用章、法人章各一枚，特此声明作废。某某遗失出生医学证明，编号M440512345，声明作废。
遗失声明：某某餐饮管理有限公司遗失食品经营许可证正副本，许可证编号JY14401060XXXXXX，声明作废。某某遗失社保卡一张，声明作废。
注销公告：广州某某信息科技有限公司股东会决议注销本公司，请债权人自公告之日起四十五日内向本公司清算组申报债权。
遗失声明：某某建筑工程有限公司遗失增值税专用发票一张，发票代码4400XXXXXX，号码0012XXXX，特此声明作废。
